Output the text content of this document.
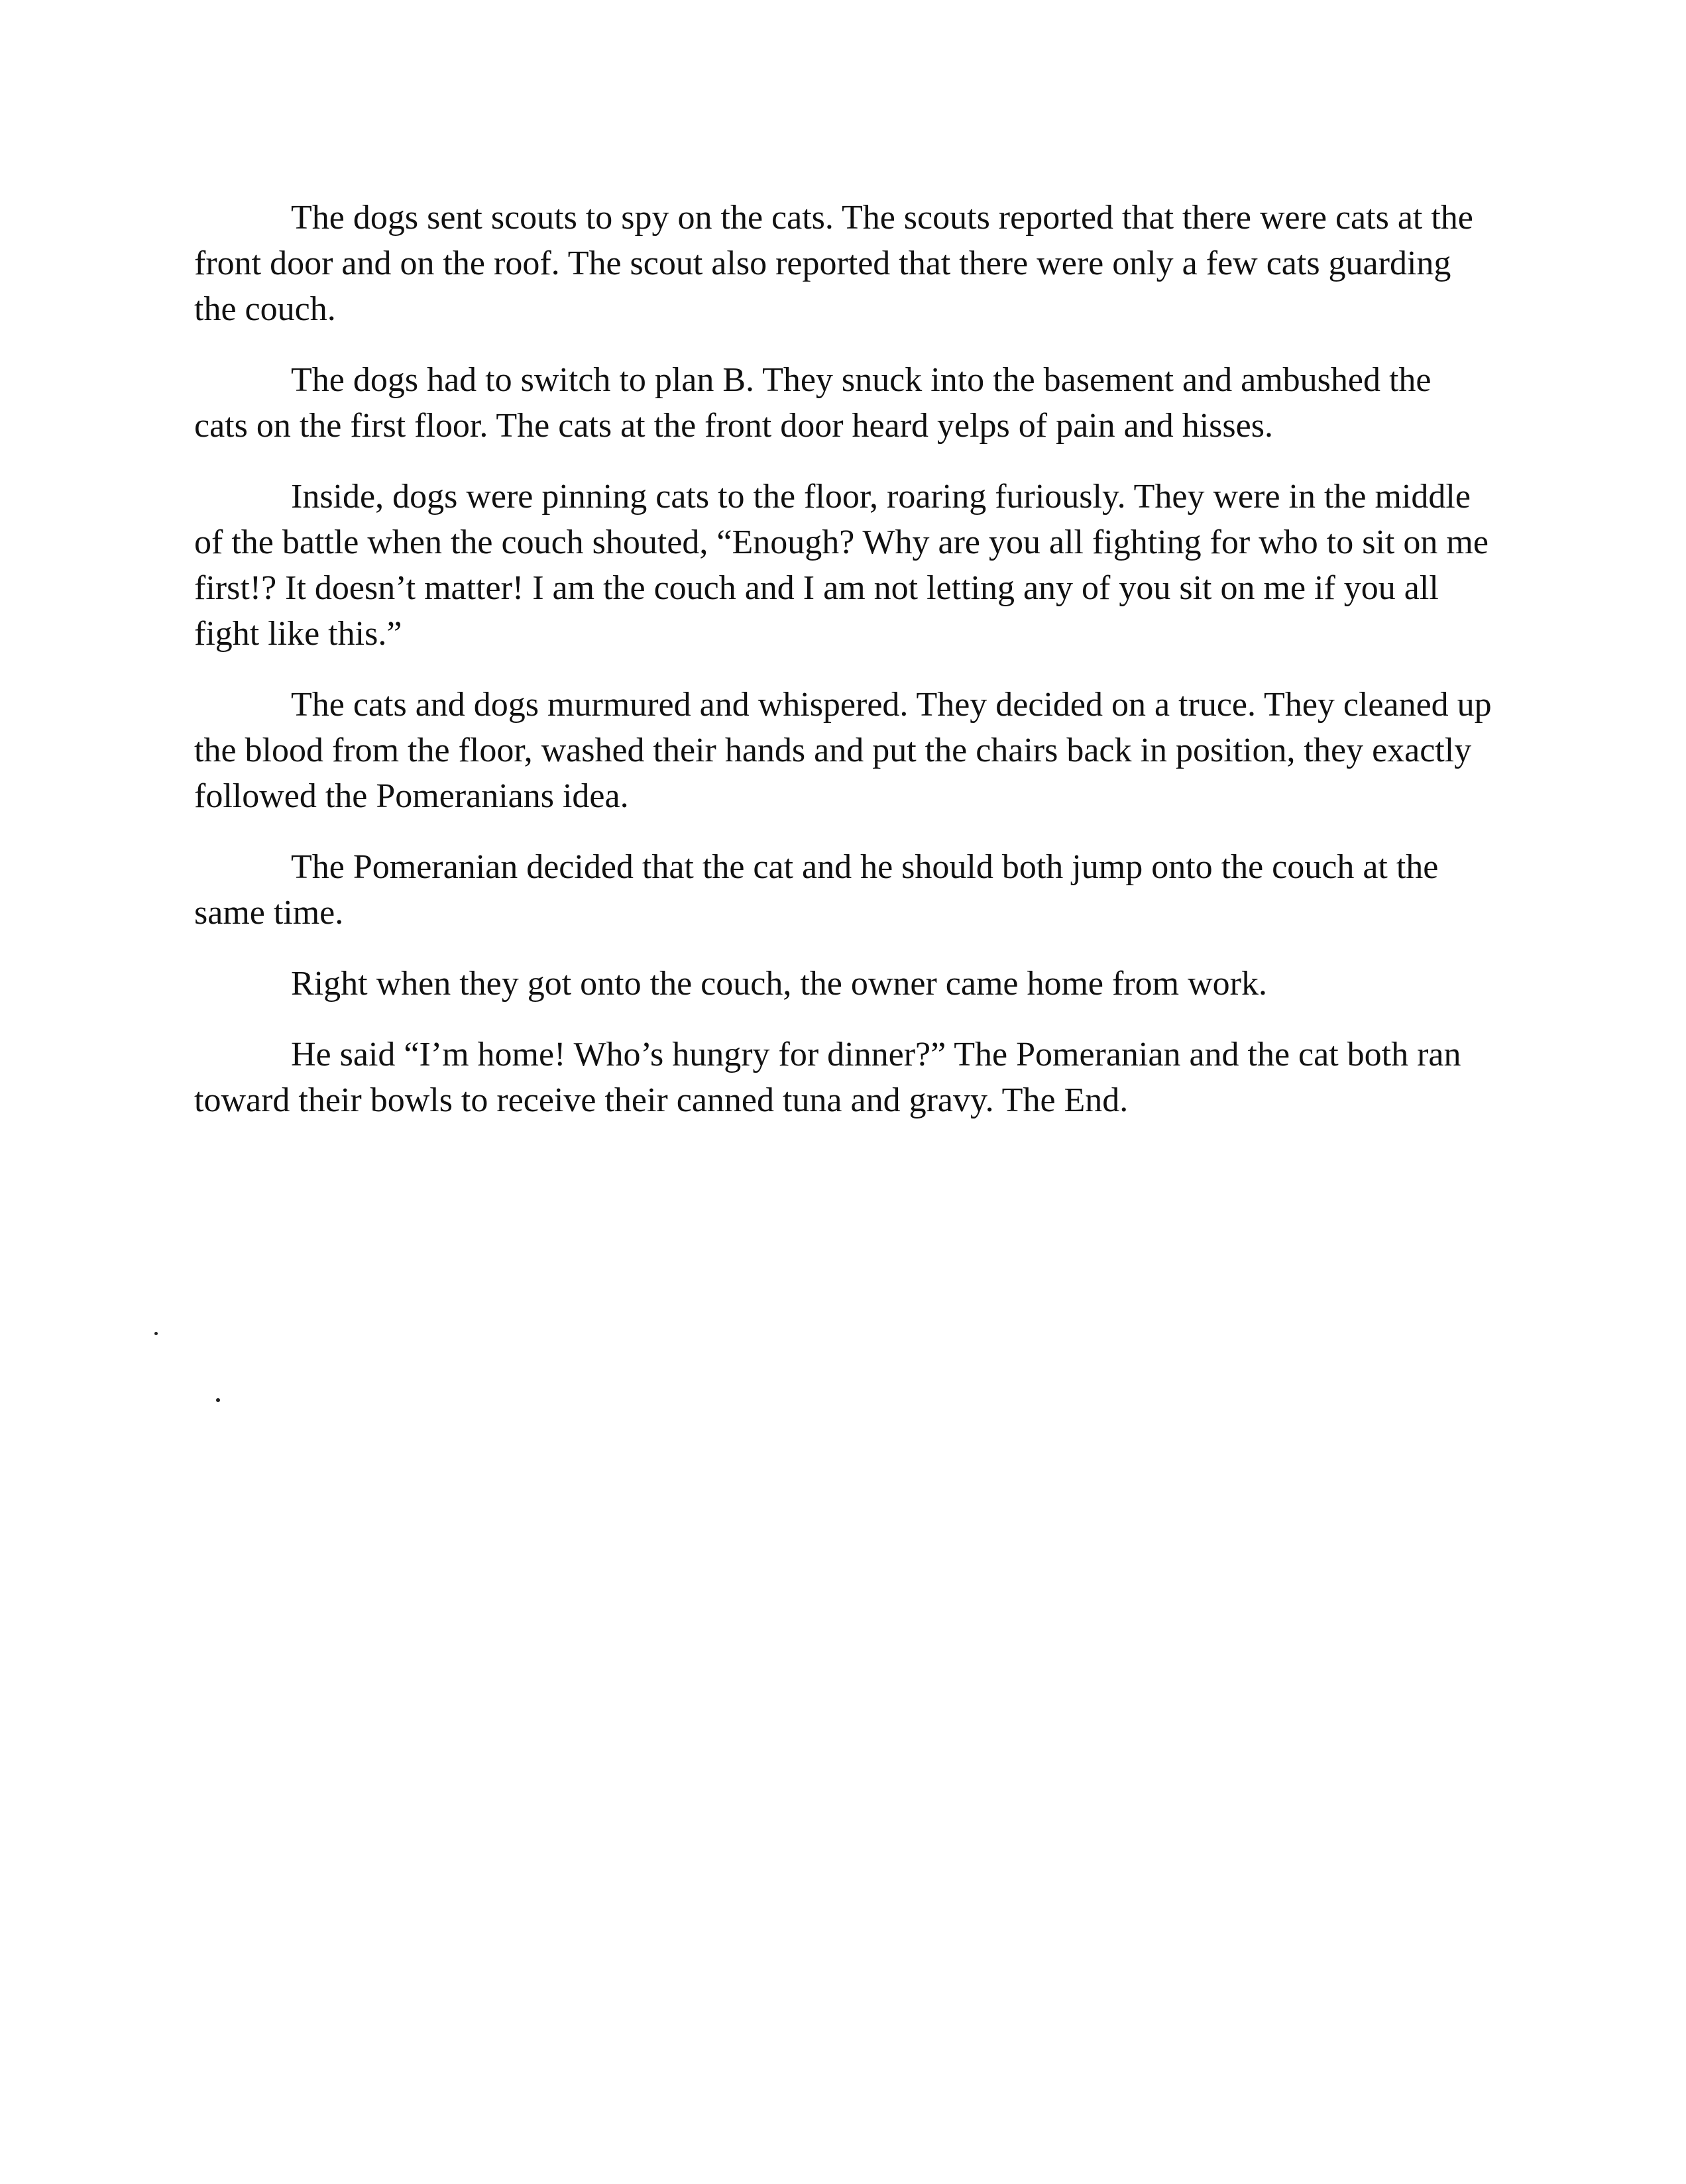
The dogs sent scouts to spy on the cats. The scouts reported that there were cats at the front door and on the roof. The scout also reported that there were only a few cats guarding the couch.

The dogs had to switch to plan B. They snuck into the basement and ambushed the cats on the first floor. The cats at the front door heard yelps of pain and hisses.

Inside, dogs were pinning cats to the floor, roaring furiously. They were in the middle of the battle when the couch shouted, “Enough? Why are you all fighting for who to sit on me first!? It doesn’t matter! I am the couch and I am not letting any of you sit on me if you all fight like this.”

The cats and dogs murmured and whispered. They decided on a truce. They cleaned up the blood from the floor, washed their hands and put the chairs back in position, they exactly followed the Pomeranians idea.

The Pomeranian decided that the cat and he should both jump onto the couch at the same time.

Right when they got onto the couch, the owner came home from work.

He said “I’m home! Who’s hungry for dinner?” The Pomeranian and the cat both ran toward their bowls to receive their canned tuna and gravy. The End.
